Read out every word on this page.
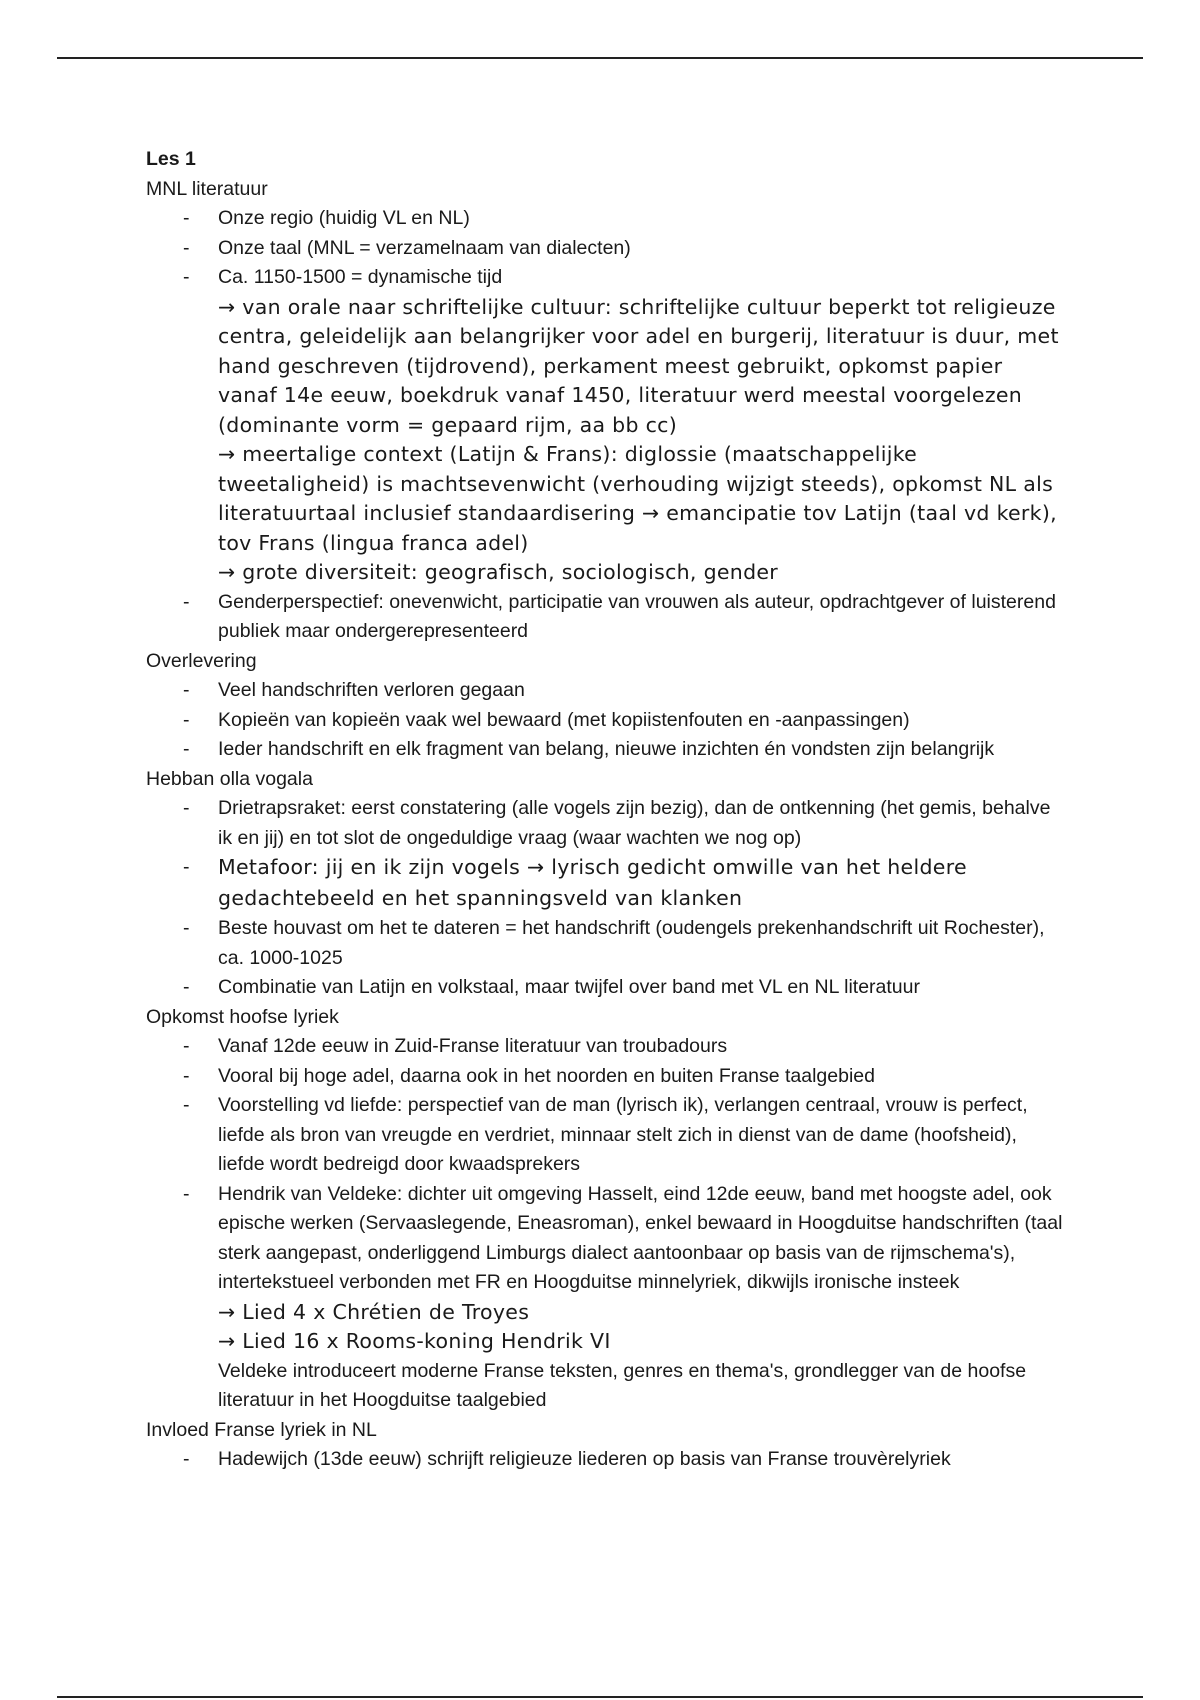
Les 1

MNL literatuur

- Onze regio (huidig VL en NL)
- Onze taal (MNL = verzamelnaam van dialecten)
- Ca. 1150-1500 = dynamische tijd
→ van orale naar schriftelijke cultuur: schriftelijke cultuur beperkt tot religieuze centra, geleidelijk aan belangrijker voor adel en burgerij, literatuur is duur, met hand geschreven (tijdrovend), perkament meest gebruikt, opkomst papier vanaf 14e eeuw, boekdruk vanaf 1450, literatuur werd meestal voorgelezen (dominante vorm = gepaard rijm, aa bb cc)
→ meertalige context (Latijn & Frans): diglossie (maatschappelijke tweetaligheid) is machtsevenwicht (verhouding wijzigt steeds), opkomst NL als literatuurtaal inclusief standaardisering → emancipatie tov Latijn (taal vd kerk), tov Frans (lingua franca adel)
→ grote diversiteit: geografisch, sociologisch, gender
- Genderperspectief: onevenwicht, participatie van vrouwen als auteur, opdrachtgever of luisterend publiek maar ondergerepresenteerd

Overlevering

- Veel handschriften verloren gegaan
- Kopieën van kopieën vaak wel bewaard (met kopiistenfouten en -aanpassingen)
- Ieder handschrift en elk fragment van belang, nieuwe inzichten én vondsten zijn belangrijk

Hebban olla vogala

- Drietrapsraket: eerst constatering (alle vogels zijn bezig), dan de ontkenning (het gemis, behalve ik en jij) en tot slot de ongeduldige vraag (waar wachten we nog op)
- Metafoor: jij en ik zijn vogels → lyrisch gedicht omwille van het heldere gedachtebeeld en het spanningsveld van klanken
- Beste houvast om het te dateren = het handschrift (oudengels prekenhandschrift uit Rochester), ca. 1000-1025
- Combinatie van Latijn en volkstaal, maar twijfel over band met VL en NL literatuur

Opkomst hoofse lyriek

- Vanaf 12de eeuw in Zuid-Franse literatuur van troubadours
- Vooral bij hoge adel, daarna ook in het noorden en buiten Franse taalgebied
- Voorstelling vd liefde: perspectief van de man (lyrisch ik), verlangen centraal, vrouw is perfect, liefde als bron van vreugde en verdriet, minnaar stelt zich in dienst van de dame (hoofsheid), liefde wordt bedreigd door kwaadsprekers
- Hendrik van Veldeke: dichter uit omgeving Hasselt, eind 12de eeuw, band met hoogste adel, ook epische werken (Servaaslegende, Eneasroman), enkel bewaard in Hoogduitse handschriften (taal sterk aangepast, onderliggend Limburgs dialect aantoonbaar op basis van de rijmschema's), intertekstueel verbonden met FR en Hoogduitse minnelyriek, dikwijls ironische insteek
→ Lied 4 x Chrétien de Troyes
→ Lied 16 x Rooms-koning Hendrik VI
Veldeke introduceert moderne Franse teksten, genres en thema's, grondlegger van de hoofse literatuur in het Hoogduitse taalgebied

Invloed Franse lyriek in NL

- Hadewijch (13de eeuw) schrijft religieuze liederen op basis van Franse trouvèrelyriek
